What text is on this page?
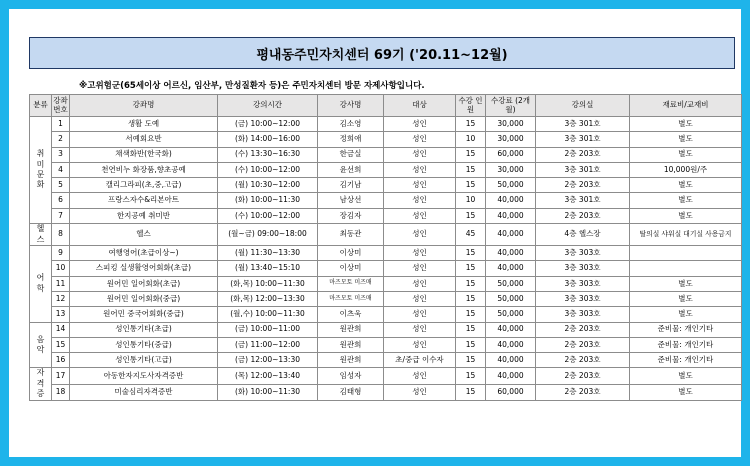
평내동주민자치센터 69기 ('20.11~12월)
※고위험군(65세이상 어르신, 임산부, 만성질환자 등)은 주민자치센터 방문 자제사항입니다.
분류	강좌 번호	강좌명	강의시간	강사명	대상	수강 인원	수강료 (2개월)	강의실	재료비/교재비
취
미
문
화	1	생활 도예	(금) 10:00~12:00	김소영	성인	15	30,000	3층 301호	별도
	2	서예회요반	(화) 14:00~16:00	정희애	성인	10	30,000	3층 301호	별도
	3	채색화반(한국화)	(수) 13:30~16:30	한금실	성인	15	60,000	2층 203호	별도
	4	천연비누 화장품,향초공예	(수) 10:00~12:00	윤선희	성인	15	30,000	3층 301호	10,000원/주
	5	캘리그라피(초,중,고급)	(월) 10:30~12:00	김기남	성인	15	50,000	2층 203호	별도
	6	프랑스자수&리본아트	(화) 10:00~11:30	남상선	성인	10	40,000	3층 301호	별도
	7	한지공예 취미반	(수) 10:00~12:00	장김자	성인	15	40,000	2층 203호	별도
헬
스	8	헬스	(월~금) 09:00~18:00	최동관	성인	45	40,000	4층 헬스장	탈의실 샤워실 대기실 사용금지
어
학	9	여행영어(초급이상~)	(월) 11:30~13:30	이상미	성인	15	40,000	3층 303호	
	10	스피킹 실생활영어회화(초급)	(월) 13:40~15:10	이상미	성인	15	40,000	3층 303호	
	11	원어민 일어회화(초급)	(화,목) 10:00~11:30	마즈모토 미즈매	성인	15	50,000	3층 303호	별도
	12	원어민 일어회화(중급)	(화,목) 12:00~13:30	마즈모토 미즈매	성인	15	50,000	3층 303호	별도
	13	원어민 중국어회화(중급)	(월,수) 10:00~11:30	이츠욱	성인	15	50,000	3층 303호	별도
음
악	14	성인통기타(초급)	(금) 10:00~11:00	원관희	성인	15	40,000	2층 203호	준비물: 개인기타
	15	성인통기타(중급)	(금) 11:00~12:00	원관희	성인	15	40,000	2층 203호	준비물: 개인기타
	16	성인통기타(고급)	(금) 12:00~13:30	원관희	초/중급 이수자	15	40,000	2층 203호	준비물: 개인기타
자
격
증	17	아동한자지도사자격증반	(목) 12:00~13:40	임성자	성인	15	40,000	2층 203호	별도
	18	미술심리자격증반	(화) 10:00~11:30	김태형	성인	15	60,000	2층 203호	별도
